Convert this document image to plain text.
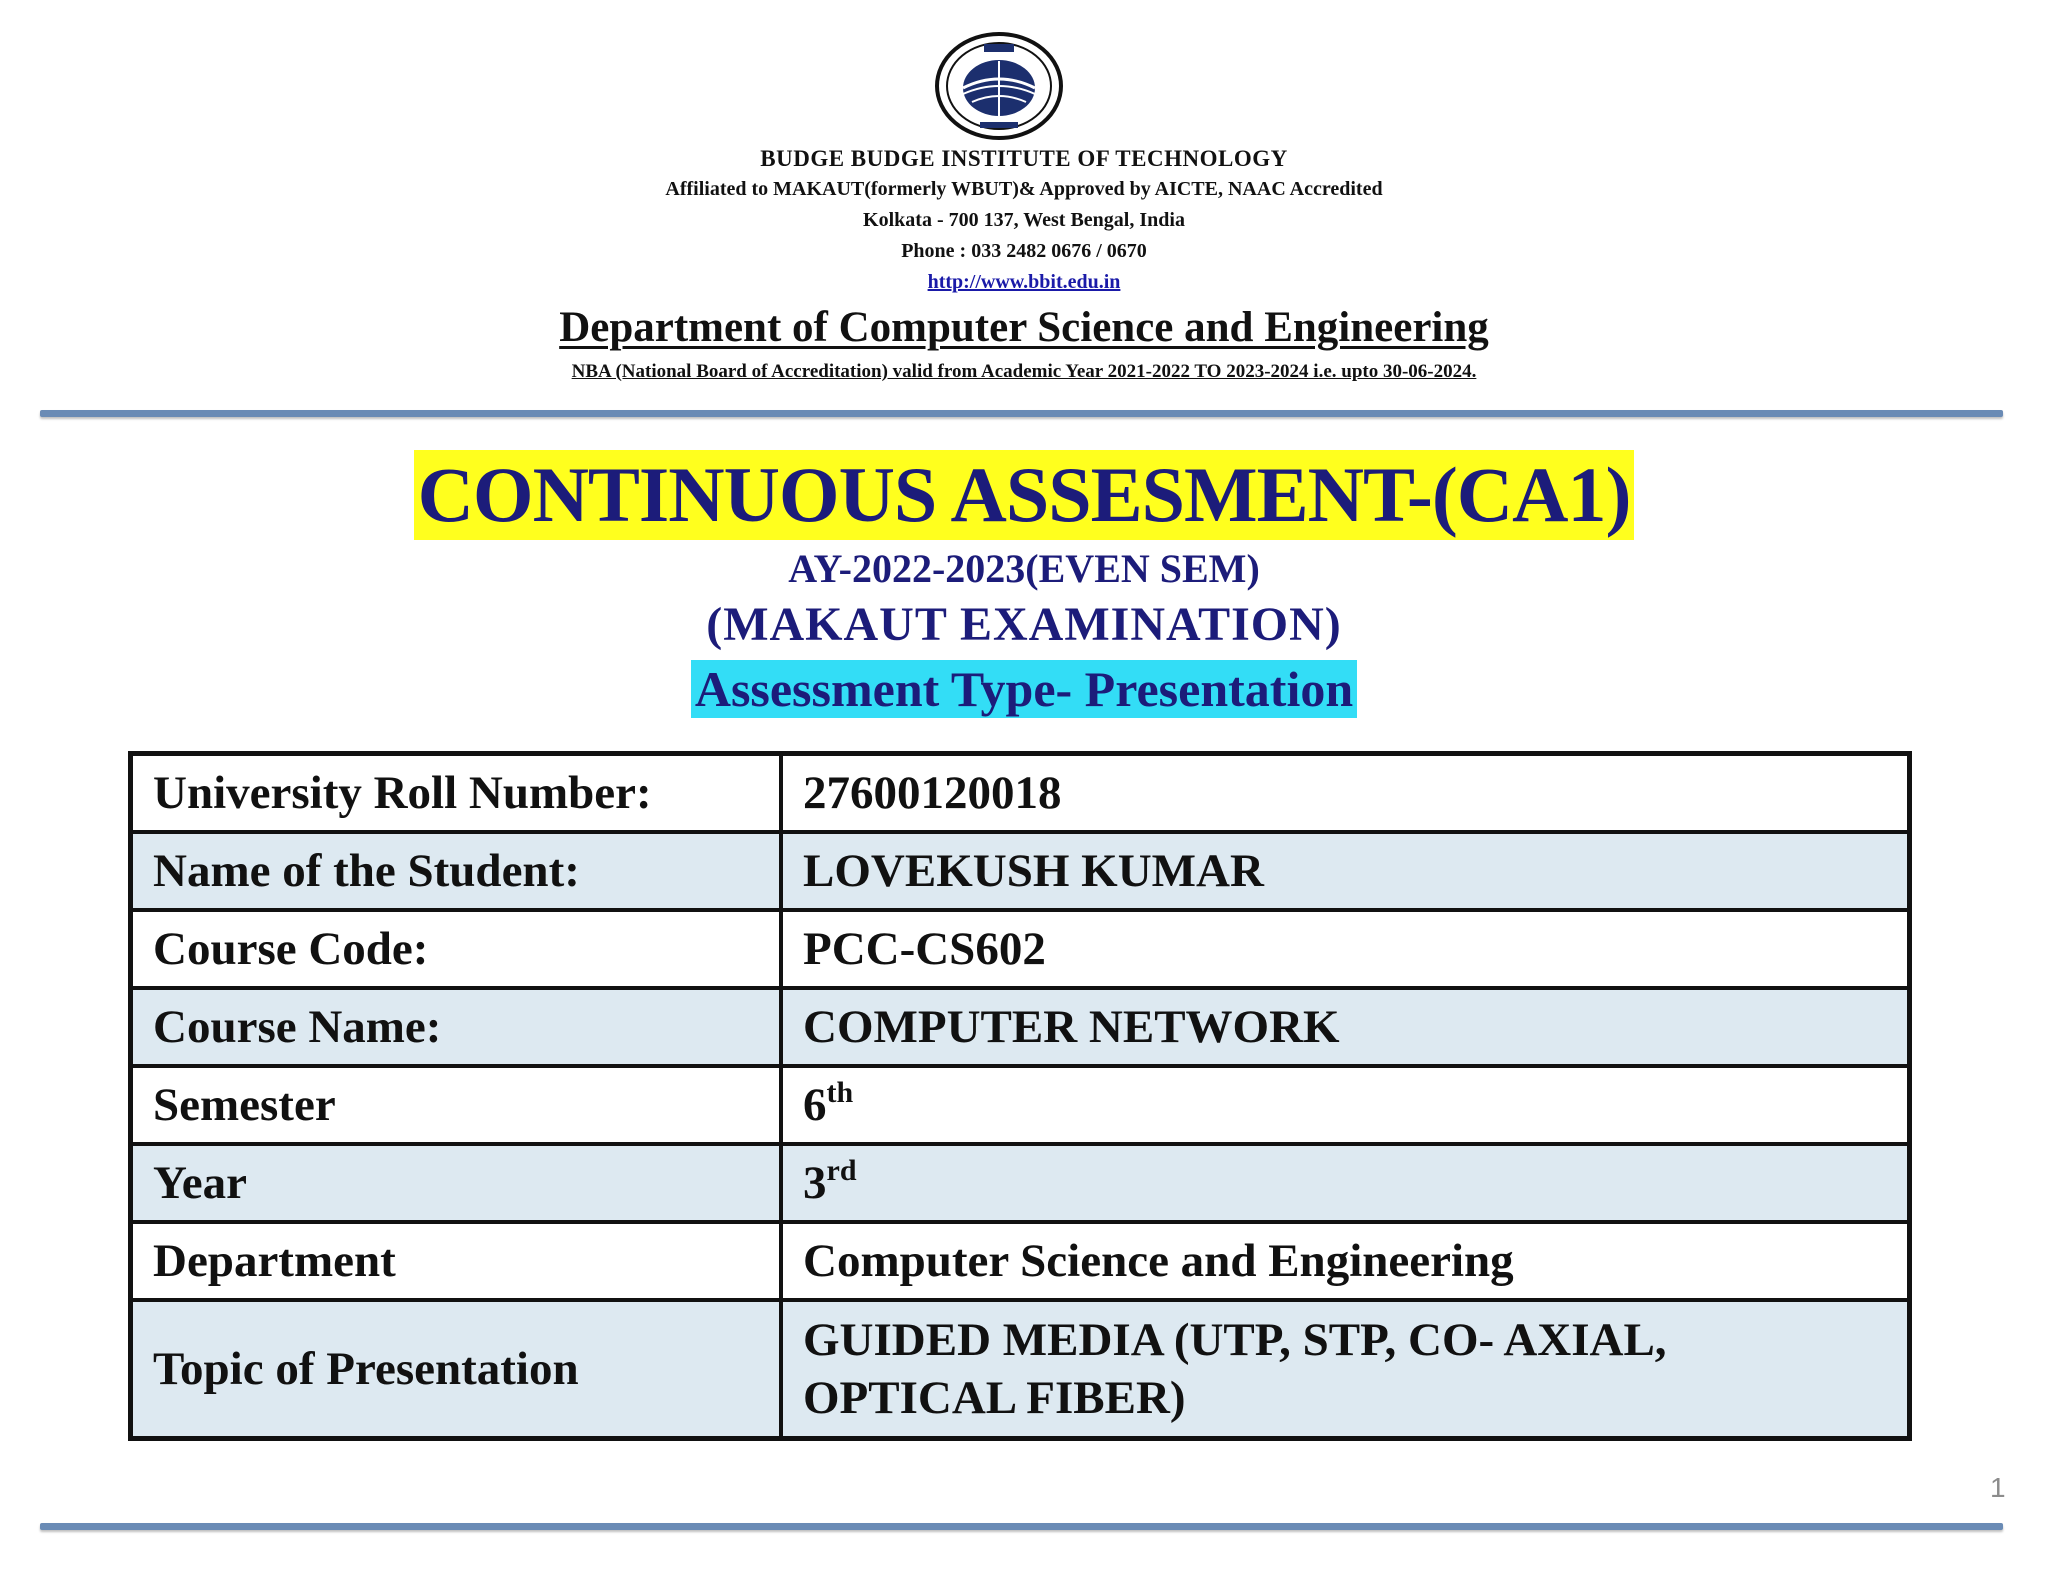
BUDGE BUDGE INSTITUTE OF TECHNOLOGY
Affiliated to MAKAUT(formerly WBUT)& Approved by AICTE, NAAC Accredited
Kolkata - 700 137, West Bengal, India
Phone : 033 2482 0676 / 0670
http://www.bbit.edu.in
Department of Computer Science and Engineering
NBA (National Board of Accreditation) valid from Academic Year 2021-2022 TO 2023-2024 i.e. upto 30-06-2024.
CONTINUOUS ASSESMENT-(CA1)
AY-2022-2023(EVEN SEM)
(MAKAUT EXAMINATION)
Assessment Type- Presentation
University Roll Number:	27600120018
Name of the Student:	LOVEKUSH KUMAR
Course Code:	PCC-CS602
Course Name:	COMPUTER NETWORK
Semester	6th
Year	3rd
Department	Computer Science and Engineering
Topic of Presentation	GUIDED MEDIA (UTP, STP, CO- AXIAL,
OPTICAL FIBER)
1
